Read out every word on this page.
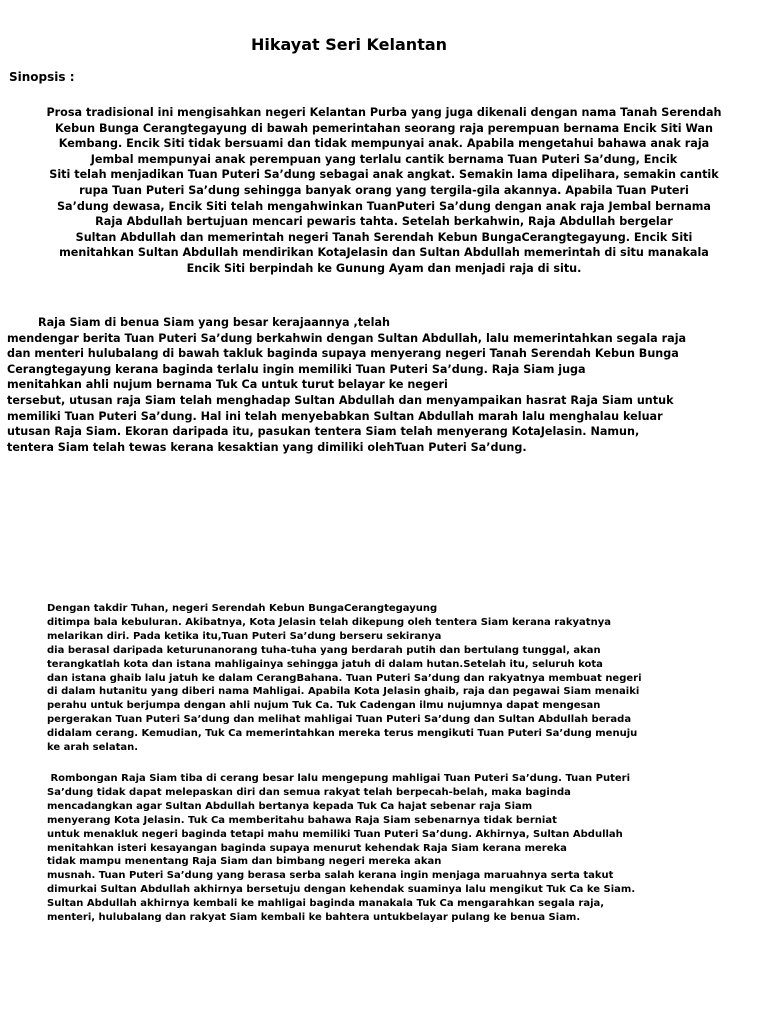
Hikayat Seri Kelantan
Sinopsis :

Prosa tradisional ini mengisahkan negeri Kelantan Purba yang juga dikenali dengan nama Tanah Serendah
Kebun Bunga Cerangtegayung di bawah pemerintahan seorang raja perempuan bernama Encik Siti Wan
Kembang. Encik Siti tidak bersuami dan tidak mempunyai anak. Apabila mengetahui bahawa anak raja
Jembal mempunyai anak perempuan yang terlalu cantik bernama Tuan Puteri Sa’dung, Encik
Siti telah menjadikan Tuan Puteri Sa’dung sebagai anak angkat. Semakin lama dipelihara, semakin cantik
rupa Tuan Puteri Sa’dung sehingga banyak orang yang tergila-gila akannya. Apabila Tuan Puteri
Sa’dung dewasa, Encik Siti telah mengahwinkan TuanPuteri Sa’dung dengan anak raja Jembal bernama
Raja Abdullah bertujuan mencari pewaris tahta. Setelah berkahwin, Raja Abdullah bergelar
Sultan Abdullah dan memerintah negeri Tanah Serendah Kebun BungaCerangtegayung. Encik Siti
menitahkan Sultan Abdullah mendirikan KotaJelasin dan Sultan Abdullah memerintah di situ manakala
Encik Siti berpindah ke Gunung Ayam dan menjadi raja di situ.

Raja Siam di benua Siam yang besar kerajaannya ,telah
mendengar berita Tuan Puteri Sa’dung berkahwin dengan Sultan Abdullah, lalu memerintahkan segala raja
dan menteri hulubalang di bawah takluk baginda supaya menyerang negeri Tanah Serendah Kebun Bunga
Cerangtegayung kerana baginda terlalu ingin memiliki Tuan Puteri Sa’dung. Raja Siam juga
menitahkan ahli nujum bernama Tuk Ca untuk turut belayar ke negeri
tersebut, utusan raja Siam telah menghadap Sultan Abdullah dan menyampaikan hasrat Raja Siam untuk
memiliki Tuan Puteri Sa’dung. Hal ini telah menyebabkan Sultan Abdullah marah lalu menghalau keluar
utusan Raja Siam. Ekoran daripada itu, pasukan tentera Siam telah menyerang KotaJelasin. Namun,
tentera Siam telah tewas kerana kesaktian yang dimiliki olehTuan Puteri Sa’dung.

Dengan takdir Tuhan, negeri Serendah Kebun BungaCerangtegayung
ditimpa bala kebuluran. Akibatnya, Kota Jelasin telah dikepung oleh tentera Siam kerana rakyatnya
melarikan diri. Pada ketika itu,Tuan Puteri Sa’dung berseru sekiranya
dia berasal daripada keturunanorang tuha-tuha yang berdarah putih dan bertulang tunggal, akan
terangkatlah kota dan istana mahligainya sehingga jatuh di dalam hutan.Setelah itu, seluruh kota
dan istana ghaib lalu jatuh ke dalam CerangBahana. Tuan Puteri Sa’dung dan rakyatnya membuat negeri
di dalam hutanitu yang diberi nama Mahligai. Apabila Kota Jelasin ghaib, raja dan pegawai Siam menaiki
perahu untuk berjumpa dengan ahli nujum Tuk Ca. Tuk Cadengan ilmu nujumnya dapat mengesan
pergerakan Tuan Puteri Sa’dung dan melihat mahligai Tuan Puteri Sa’dung dan Sultan Abdullah berada
didalam cerang. Kemudian, Tuk Ca memerintahkan mereka terus mengikuti Tuan Puteri Sa’dung menuju
ke arah selatan.

Rombongan Raja Siam tiba di cerang besar lalu mengepung mahligai Tuan Puteri Sa’dung. Tuan Puteri
Sa’dung tidak dapat melepaskan diri dan semua rakyat telah berpecah-belah, maka baginda
mencadangkan agar Sultan Abdullah bertanya kepada Tuk Ca hajat sebenar raja Siam
menyerang Kota Jelasin. Tuk Ca memberitahu bahawa Raja Siam sebenarnya tidak berniat
untuk menakluk negeri baginda tetapi mahu memiliki Tuan Puteri Sa’dung. Akhirnya, Sultan Abdullah
menitahkan isteri kesayangan baginda supaya menurut kehendak Raja Siam kerana mereka
tidak mampu menentang Raja Siam dan bimbang negeri mereka akan
musnah. Tuan Puteri Sa’dung yang berasa serba salah kerana ingin menjaga maruahnya serta takut
dimurkai Sultan Abdullah akhirnya bersetuju dengan kehendak suaminya lalu mengikut Tuk Ca ke Siam.
Sultan Abdullah akhirnya kembali ke mahligai baginda manakala Tuk Ca mengarahkan segala raja,
menteri, hulubalang dan rakyat Siam kembali ke bahtera untukbelayar pulang ke benua Siam.
